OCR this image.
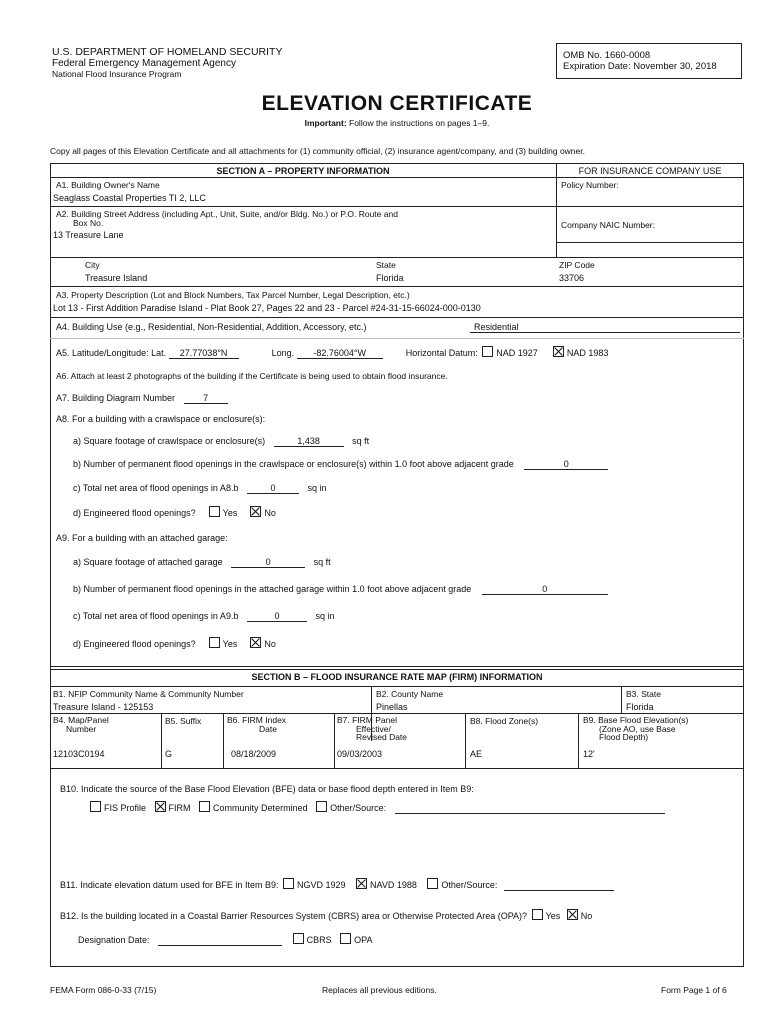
U.S. DEPARTMENT OF HOMELAND SECURITY
Federal Emergency Management Agency
National Flood Insurance Program
OMB No. 1660-0008
Expiration Date: November 30, 2018
ELEVATION CERTIFICATE
Important: Follow the instructions on pages 1–9.
Copy all pages of this Elevation Certificate and all attachments for (1) community official, (2) insurance agent/company, and (3) building owner.
SECTION A – PROPERTY INFORMATION	FOR INSURANCE COMPANY USE
A1. Building Owner's Name
Seaglass Coastal Properties TI 2, LLC
Policy Number:
A2. Building Street Address (including Apt., Unit, Suite, and/or Bldg. No.) or P.O. Route and
Box No.
13 Treasure Lane
Company NAIC Number:
City
Treasure Island
State
Florida
ZIP Code
33706
A3. Property Description (Lot and Block Numbers, Tax Parcel Number, Legal Description, etc.)
Lot 13 - First Addition Paradise Island - Plat Book 27, Pages 22 and 23 - Parcel #24-31-15-66024-000-0130
A4. Building Use (e.g., Residential, Non-Residential, Addition, Accessory, etc.)	Residential
A5. Latitude/Longitude: Lat. 27.77038°N	Long. -82.76004°W	Horizontal Datum: NAD 1927	NAD 1983
A6. Attach at least 2 photographs of the building if the Certificate is being used to obtain flood insurance.
A7. Building Diagram Number	7
A8. For a building with a crawlspace or enclosure(s):
a) Square footage of crawlspace or enclosure(s)	1,438	sq ft
b) Number of permanent flood openings in the crawlspace or enclosure(s) within 1.0 foot above adjacent grade	0
c) Total net area of flood openings in A8.b	0	sq in
d) Engineered flood openings?	Yes	No
A9. For a building with an attached garage:
a) Square footage of attached garage	0	sq ft
b) Number of permanent flood openings in the attached garage within 1.0 foot above adjacent grade	0
c) Total net area of flood openings in A9.b	0	sq in
d) Engineered flood openings?	Yes	No
SECTION B – FLOOD INSURANCE RATE MAP (FIRM) INFORMATION
B1. NFIP Community Name & Community Number
Treasure Island - 125153
B2. County Name
Pinellas
B3. State
Florida
B4. Map/Panel
Number
12103C0194
B5. Suffix
G
B6. FIRM Index
Date
08/18/2009
B7. FIRM Panel
Effective/
Revised Date
09/03/2003
B8. Flood Zone(s)
AE
B9. Base Flood Elevation(s)
(Zone AO, use Base
Flood Depth)
12'
B10. Indicate the source of the Base Flood Elevation (BFE) data or base flood depth entered in Item B9:
FIS Profile	FIRM	Community Determined	Other/Source:
B11. Indicate elevation datum used for BFE in Item B9: NGVD 1929	NAVD 1988	Other/Source:
B12. Is the building located in a Coastal Barrier Resources System (CBRS) area or Otherwise Protected Area (OPA)? Yes No
Designation Date:	CBRS	OPA
FEMA Form 086-0-33 (7/15)	Replaces all previous editions.	Form Page 1 of 6
